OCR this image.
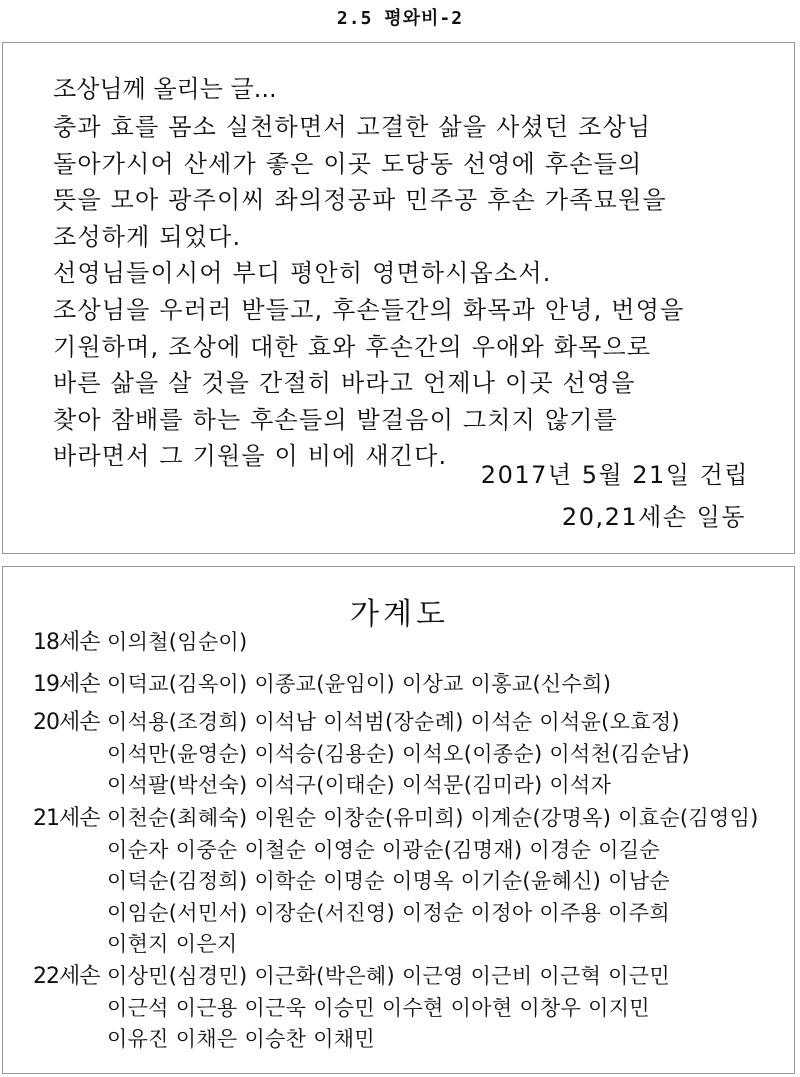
2.5 평와비-2
조상님께 올리는 글...
충과 효를 몸소 실천하면서 고결한 삶을 사셨던 조상님
돌아가시어 산세가 좋은 이곳 도당동 선영에 후손들의
뜻을 모아 광주이씨 좌의정공파 민주공 후손 가족묘원을
조성하게 되었다.
선영님들이시어 부디 평안히 영면하시옵소서.
조상님을 우러러 받들고, 후손들간의 화목과 안녕, 번영을
기원하며, 조상에 대한 효와 후손간의 우애와 화목으로
바른 삶을 살 것을 간절히 바라고 언제나 이곳 선영을
찾아 참배를 하는 후손들의 발걸음이 그치지 않기를
바라면서 그 기원을 이 비에 새긴다.
2017년 5월 21일 건립
20,21세손 일동
가계도
18세손 이의철(임순이)
19세손 이덕교(김옥이) 이종교(윤임이) 이상교 이홍교(신수희)
20세손 이석용(조경희) 이석남 이석범(장순례) 이석순 이석윤(오효정)
이석만(윤영순) 이석승(김용순) 이석오(이종순) 이석천(김순남)
이석팔(박선숙) 이석구(이태순) 이석문(김미라) 이석자
21세손 이천순(최혜숙) 이원순 이창순(유미희) 이계순(강명옥) 이효순(김영임)
이순자 이중순 이철순 이영순 이광순(김명재) 이경순 이길순
이덕순(김정희) 이학순 이명순 이명옥 이기순(윤혜신) 이남순
이임순(서민서) 이장순(서진영) 이정순 이정아 이주용 이주희
이현지 이은지
22세손 이상민(심경민) 이근화(박은혜) 이근영 이근비 이근혁 이근민
이근석 이근용 이근욱 이승민 이수현 이아현 이창우 이지민
이유진 이채은 이승찬 이채민
